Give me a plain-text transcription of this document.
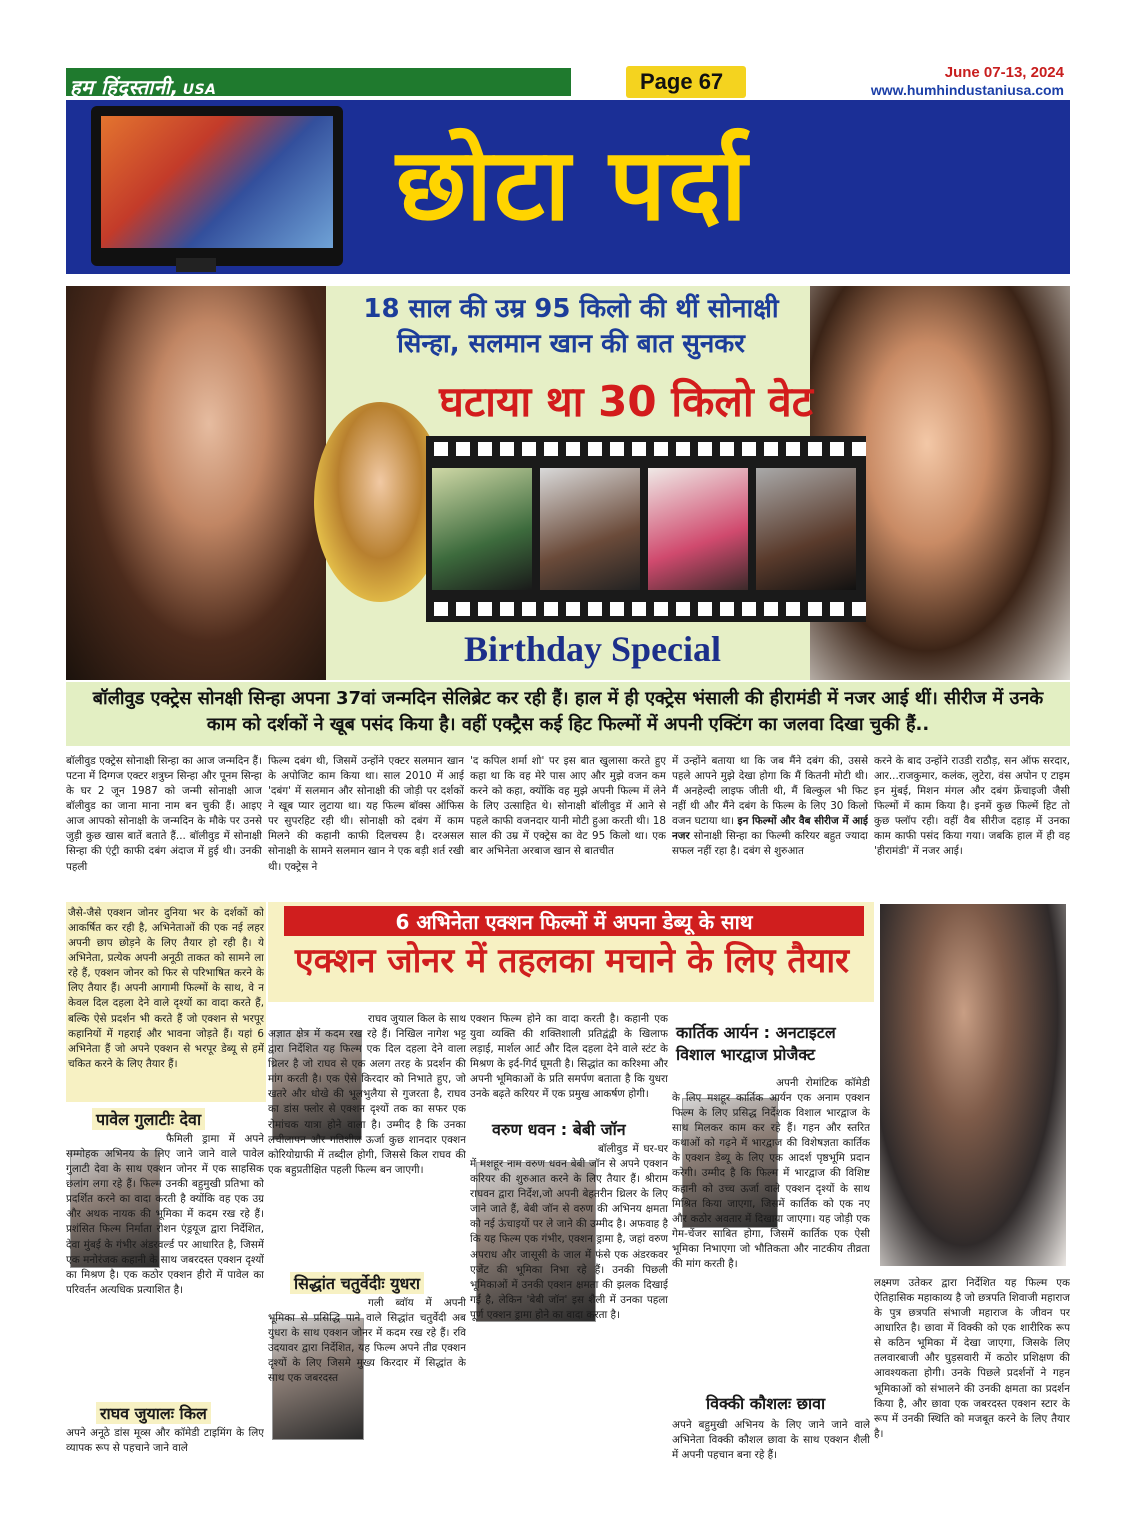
हम हिंदुस्तानी, USA	Page 67	June 07-13, 2024
www.humhindustaniusa.com
छोटा पर्दा
18 साल की उम्र 95 किलो की थीं सोनाक्षी
सिन्हा, सलमान खान की बात सुनकर
घटाया था 30 किलो वेट
Birthday Special
बॉलीवुड एक्ट्रेस सोनक्षी सिन्हा अपना 37वां जन्मदिन सेलिब्रेट कर रही हैं। हाल में ही एक्ट्रेस भंसाली की हीरामंडी में नजर आई थीं। सीरीज में उनके काम को दर्शकों ने खूब पसंद किया है। वहीं एक्ट्रैस कई हिट फिल्मों में अपनी एक्टिंग का जलवा दिखा चुकी हैं..
बॉलीवुड एक्ट्रेस सोनाक्षी सिन्हा का आज जन्मदिन हैं। पटना में दिग्गज एक्टर शत्रुघ्न सिन्हा और पूनम सिन्हा के घर 2 जून 1987 को जन्मी सोनाक्षी आज बॉलीवुड का जाना माना नाम बन चुकी हैं। आइए आज आपको सोनाक्षी के जन्मदिन के मौके पर उनसे जुड़ी कुछ खास बातें बताते हैं... बॉलीवुड में सोनाक्षी सिन्हा की एंट्री काफी दबंग अंदाज में हुई थी। उनकी पहली
फिल्म दबंग थी, जिसमें उन्होंने एक्टर सलमान खान के अपोजिट काम किया था। साल 2010 में आई 'दबंग' में सलमान और सोनाक्षी की जोड़ी पर दर्शकों ने खूब प्यार लुटाया था। यह फिल्म बॉक्स ऑफिस पर सुपरहिट रही थी। सोनाक्षी को दबंग में काम मिलने की कहानी काफी दिलचस्प है। दरअसल सोनाक्षी के सामने सलमान खान ने एक बड़ी शर्त रखी थी। एक्ट्रेस ने
'द कपिल शर्मा शो' पर इस बात खुलासा करते हुए कहा था कि वह मेरे पास आए और मुझे वजन कम करने को कहा, क्योंकि वह मुझे अपनी फिल्म में लेने के लिए उत्साहित थे। सोनाक्षी बॉलीवुड में आने से पहले काफी वजनदार यानी मोटी हुआ करती थी। 18 साल की उम्र में एक्ट्रेस का वेट 95 किलो था। एक बार अभिनेता अरबाज खान से बातचीत
में उन्होंने बताया था कि जब मैंने दबंग की, उससे पहले आपने मुझे देखा होगा कि मैं कितनी मोटी थी। मैं अनहेल्दी लाइफ जीती थी, मैं बिल्कुल भी फिट नहीं थी और मैंने दबंग के फिल्म के लिए 30 किलो वजन घटाया था। इन फिल्मों और वैब सीरीज में आई नजर सोनाक्षी सिन्हा का फिल्मी करियर बहुत ज्यादा सफल नहीं रहा है। दबंग से शुरुआत
करने के बाद उन्होंने राउडी राठौड़, सन ऑफ सरदार, आर...राजकुमार, कलंक, लुटेरा, वंस अपोन ए टाइम इन मुंबई, मिशन मंगल और दबंग फ्रेंचाइजी जैसी फिल्मों में काम किया है। इनमें कुछ फिल्में हिट तो कुछ फ्लॉप रही। वहीं वैब सीरीज दहाड़ में उनका काम काफी पसंद किया गया। जबकि हाल में ही वह 'हीरामंडी' में नजर आई।
जैसे-जैसे एक्शन जोनर दुनिया भर के दर्शकों को आकर्षित कर रही है, अभिनेताओं की एक नई लहर अपनी छाप छोड़ने के लिए तैयार हो रही है। ये अभिनेता, प्रत्येक अपनी अनूठी ताकत को सामने ला रहे हैं, एक्शन जोनर को फिर से परिभाषित करने के लिए तैयार हैं। अपनी आगामी फिल्मों के साथ, वे न केवल दिल दहला देने वाले दृश्यों का वादा करते हैं, बल्कि ऐसे प्रदर्शन भी करते हैं जो एक्शन से भरपूर कहानियों में गहराई और भावना जोड़ते हैं। यहां 6 अभिनेता हैं जो अपने एक्शन से भरपूर डेब्यू से हमें चकित करने के लिए तैयार हैं।
6 अभिनेता एक्शन फिल्मों में अपना डेब्यू के साथ
एक्शन जोनर में तहलका मचाने के लिए तैयार
पावेल गुलाटीः देवा
फैमिली ड्रामा में अपने सम्मोहक अभिनय के लिए जाने जाने वाले पावेल गुलाटी देवा के साथ एक्शन जोनर में एक साहसिक छलांग लगा रहे हैं। फिल्म उनकी बहुमुखी प्रतिभा को प्रदर्शित करने का वादा करती है क्योंकि वह एक उग्र और अथक नायक की भूमिका में कदम रख रहे हैं। प्रशंसित फिल्म निर्माता रोशन एंड्रयूज द्वारा निर्देशित, देवा मुंबई के गंभीर अंडरवर्ल्ड पर आधारित है, जिसमें एक मनोरंजक कहानी के साथ जबरदस्त एक्शन दृश्यों का मिश्रण है। एक कठोर एक्शन हीरो में पावेल का परिवर्तन अत्यधिक प्रत्याशित है।
राघव जुयालः किल
अपने अनूठे डांस मूव्स और कॉमेडी टाइमिंग के लिए व्यापक रूप से पहचाने जाने वाले
राघव जुयाल किल के साथ अज्ञात क्षेत्र में कदम रख रहे हैं। निखिल नागेश भट्ट द्वारा निर्देशित यह फिल्म एक दिल दहला देने वाला थ्रिलर है जो राघव से एक अलग तरह के प्रदर्शन की मांग करती है। एक ऐसे किरदार को निभाते हुए, जो खतरे और धोखे की भूलभुलैया से गुजरता है, राघव का डांस फ्लोर से एक्शन दृश्यों तक का सफर एक रोमांचक यात्रा होने वाला है। उम्मीद है कि उनका लचीलापन और गतिशील ऊर्जा कुछ शानदार एक्शन कोरियोग्राफी में तब्दील होगी, जिससे किल राघव की एक बहुप्रतीक्षित पहली फिल्म बन जाएगी।
सिद्धांत चतुर्वेदीः युधरा
गली ब्वॉय में अपनी भूमिका से प्रसिद्धि पाने वाले सिद्धांत चतुर्वेदी अब युधरा के साथ एक्शन जोनर में कदम रख रहे हैं। रवि उदयावर द्वारा निर्देशित, यह फिल्म अपने तीव्र एक्शन दृश्यों के लिए जिसमे मुख्य किरदार में सिद्धांत के साथ एक जबरदस्त
एक्शन फिल्म होने का वादा करती है। कहानी एक युवा व्यक्ति की शक्तिशाली प्रतिद्वंद्वी के खिलाफ लड़ाई, मार्शल आर्ट और दिल दहला देने वाले स्टंट के मिश्रण के इर्द-गिर्द घूमती है। सिद्धांत का करिश्मा और अपनी भूमिकाओं के प्रति समर्पण बताता है कि युधरा उनके बढ़ते करियर में एक प्रमुख आकर्षण होगी।
वरुण धवन : बेबी जॉन
बॉलीवुड में घर-घर में मशहूर नाम वरुण धवन बेबी जॉन से अपने एक्शन करियर की शुरुआत करने के लिए तैयार हैं। श्रीराम राघवन द्वारा निर्देश,जो अपनी बेहतरीन थ्रिलर के लिए जाने जाते हैं, बेबी जॉन से वरुण की अभिनय क्षमता को नई ऊंचाइयों पर ले जाने की उम्मीद है। अफवाह है कि यह फिल्म एक गंभीर, एक्शन ड्रामा है, जहां वरुण अपराध और जासूसी के जाल में फंसे एक अंडरकवर एजेंट की भूमिका निभा रहे हैं। उनकी पिछली भूमिकाओं में उनकी एक्शन क्षमता की झलक दिखाई गई है, लेकिन 'बेबी जॉन' इस शैली में उनका पहला पूर्ण एक्शन ड्रामा होने का वादा करता है।
कार्तिक आर्यन : अनटाइटल विशाल भारद्वाज प्रोजैक्ट
अपनी रोमांटिक कॉमेडी के लिए मशहूर कार्तिक आर्यन एक अनाम एक्शन फिल्म के लिए प्रसिद्ध निर्देशक विशाल भारद्वाज के साथ मिलकर काम कर रहे हैं। गहन और स्तरित कथाओं को गढ़ने में भारद्वाज की विशेषज्ञता कार्तिक के एक्शन डेब्यू के लिए एक आदर्श पृष्ठभूमि प्रदान करेगी। उम्मीद है कि फिल्म में भारद्वाज की विशिष्ट कहानी को उच्च ऊर्जा वाले एक्शन दृश्यों के साथ मिश्रित किया जाएगा, जिसमें कार्तिक को एक नए और कठोर अवतार में दिखाया जाएगा। यह जोड़ी एक गेम-चेंजर साबित होगा, जिसमें कार्तिक एक ऐसी भूमिका निभाएगा जो भौतिकता और नाटकीय तीव्रता की मांग करती है।
विक्की कौशलः छावा
अपने बहुमुखी अभिनय के लिए जाने जाने वाले अभिनेता विक्की कौशल छावा के साथ एक्शन शैली में अपनी पहचान बना रहे हैं।
लक्ष्मण उतेकर द्वारा निर्देशित यह फिल्म एक ऐतिहासिक महाकाव्य है जो छत्रपति शिवाजी महाराज के पुत्र छत्रपति संभाजी महाराज के जीवन पर आधारित है। छावा में विक्की को एक शारीरिक रूप से कठिन भूमिका में देखा जाएगा, जिसके लिए तलवारबाजी और घुड़सवारी में कठोर प्रशिक्षण की आवश्यकता होगी। उनके पिछले प्रदर्शनों ने गहन भूमिकाओं को संभालने की उनकी क्षमता का प्रदर्शन किया है, और छावा एक जबरदस्त एक्शन स्टार के रूप में उनकी स्थिति को मजबूत करने के लिए तैयार है।
